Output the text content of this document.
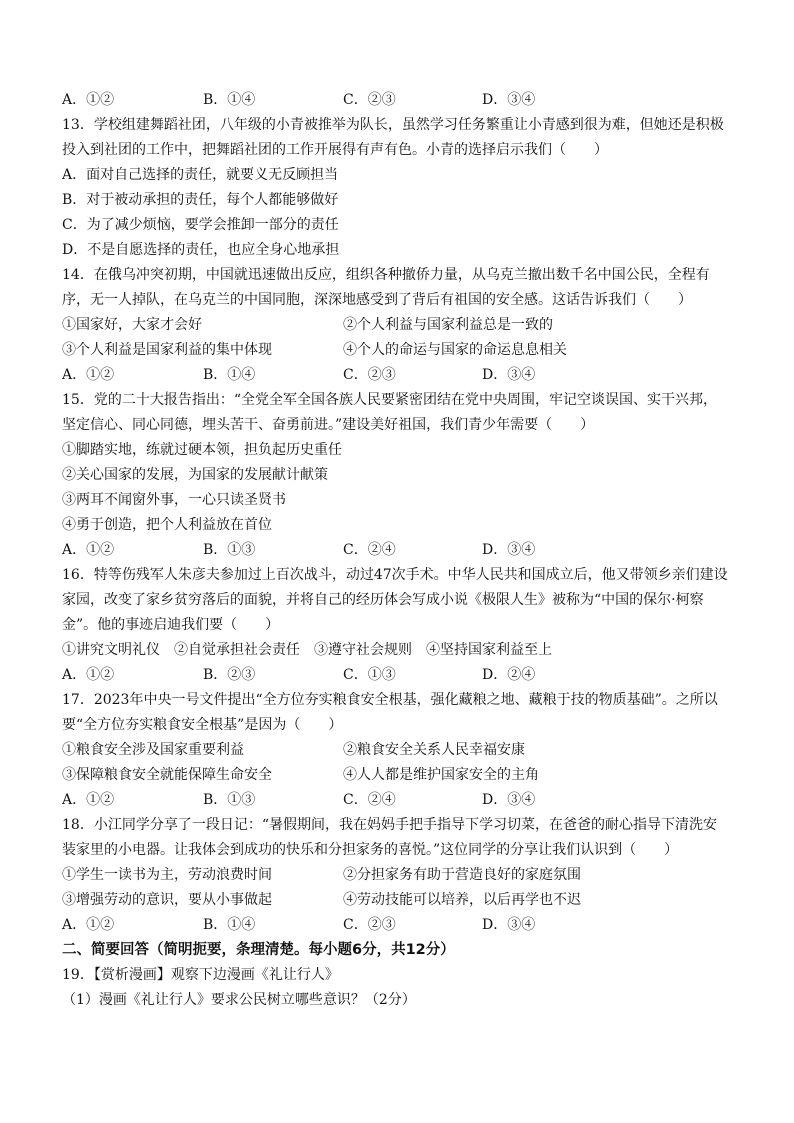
A．①②	B．①④	C．②③	D．③④
13．学校组建舞蹈社团，八年级的小青被推举为队长，虽然学习任务繁重让小青感到很为难，但她还是积极
投入到社团的工作中，把舞蹈社团的工作开展得有声有色。小青的选择启示我们（　　）
A．面对自己选择的责任，就要义无反顾担当
B．对于被动承担的责任，每个人都能够做好
C．为了减少烦恼，要学会推卸一部分的责任
D．不是自愿选择的责任，也应全身心地承担
14．在俄乌冲突初期，中国就迅速做出反应，组织各种撤侨力量，从乌克兰撤出数千名中国公民，全程有
序，无一人掉队，在乌克兰的中国同胞，深深地感受到了背后有祖国的安全感。这话告诉我们（　　）
①国家好，大家才会好	②个人利益与国家利益总是一致的
③个人利益是国家利益的集中体现	④个人的命运与国家的命运息息相关
A．①②	B．①④	C．②③	D．③④
15．党的二十大报告指出：“全党全军全国各族人民要紧密团结在党中央周围，牢记空谈误国、实干兴邦，
坚定信心、同心同德，埋头苦干、奋勇前进。”建设美好祖国，我们青少年需要（　　）
①脚踏实地，练就过硬本领，担负起历史重任
②关心国家的发展，为国家的发展献计献策
③两耳不闻窗外事，一心只读圣贤书
④勇于创造，把个人利益放在首位
A．①②	B．①③	C．②④	D．③④
16．特等伤残军人朱彦夫参加过上百次战斗，动过47次手术。中华人民共和国成立后，他又带领乡亲们建设
家园，改变了家乡贫穷落后的面貌，并将自己的经历体会写成小说《极限人生》被称为“中国的保尔·柯察
金”。他的事迹启迪我们要（　　）
①讲究文明礼仪　②自觉承担社会责任　③遵守社会规则　④坚持国家利益至上
A．①②	B．②③	C．①③	D．②④
17．2023年中央一号文件提出“全方位夯实粮食安全根基，强化藏粮之地、藏粮于技的物质基础”。之所以
要“全方位夯实粮食安全根基”是因为（　　）
①粮食安全涉及国家重要利益	②粮食安全关系人民幸福安康
③保障粮食安全就能保障生命安全	④人人都是维护国家安全的主角
A．①②	B．①③	C．②④	D．③④
18．小江同学分享了一段日记：“暑假期间，我在妈妈手把手指导下学习切菜，在爸爸的耐心指导下清洗安
装家里的小电器。让我体会到成功的快乐和分担家务的喜悦。”这位同学的分享让我们认识到（　　）
①学生一读书为主，劳动浪费时间	②分担家务有助于营造良好的家庭氛围
③增强劳动的意识，要从小事做起	④劳动技能可以培养，以后再学也不迟
A．①②	B．①④	C．②③	D．③④
二、简要回答（简明扼要，条理清楚。每小题6分，共12分）
19．【赏析漫画】观察下边漫画《礼让行人》
（1）漫画《礼让行人》要求公民树立哪些意识？（2分）
